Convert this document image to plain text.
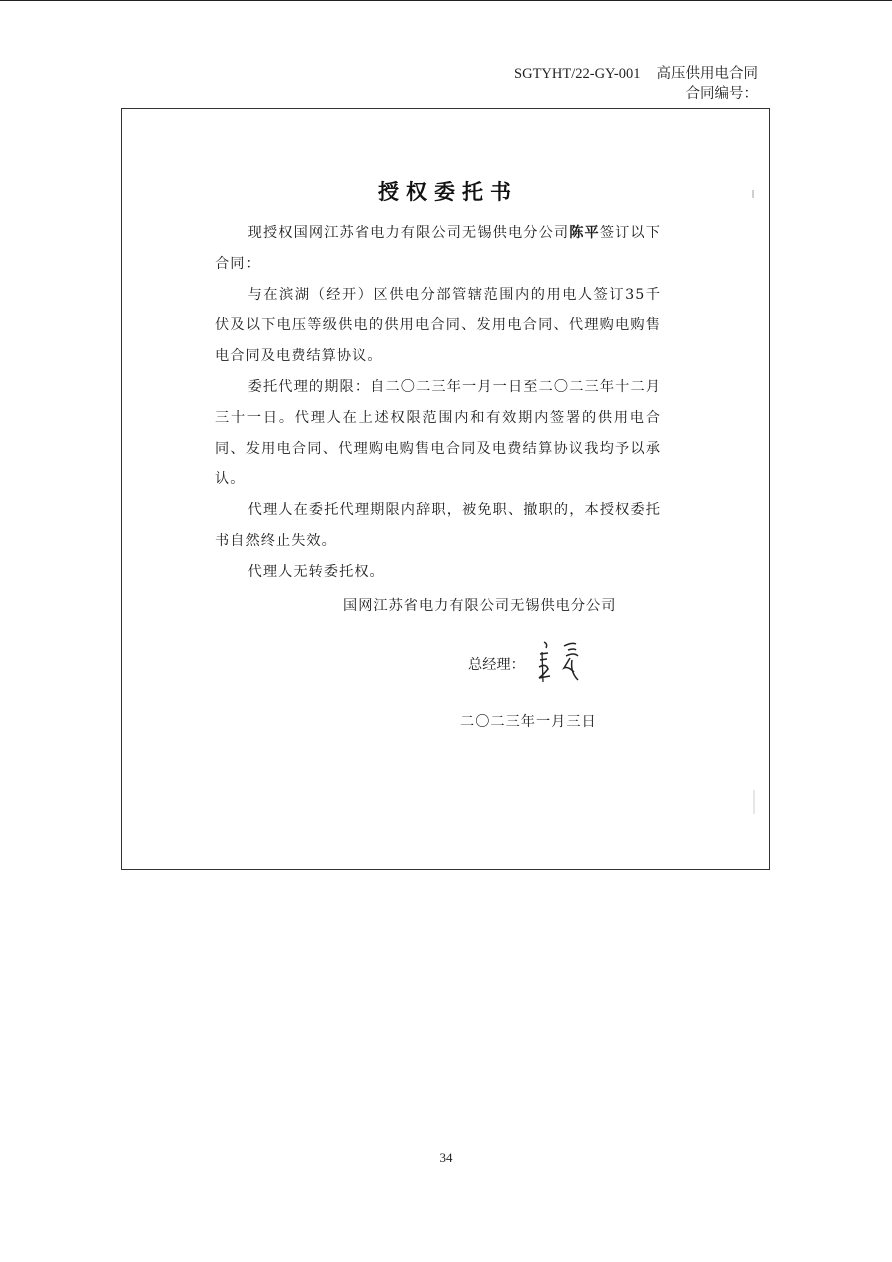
SGTYHT/22-GY-001 高压供用电合同
合同编号：
授权委托书

现授权国网江苏省电力有限公司无锡供电分公司陈平签订以下合同：

与在滨湖（经开）区供电分部管辖范围内的用电人签订35千伏及以下电压等级供电的供用电合同、发用电合同、代理购电购售电合同及电费结算协议。

委托代理的期限：自二〇二三年一月一日至二〇二三年十二月三十一日。代理人在上述权限范围内和有效期内签署的供用电合同、发用电合同、代理购电购售电合同及电费结算协议我均予以承认。

代理人在委托代理期限内辞职，被免职、撤职的，本授权委托书自然终止失效。

代理人无转委托权。

国网江苏省电力有限公司无锡供电分公司
总经理：
二〇二三年一月三日
34
